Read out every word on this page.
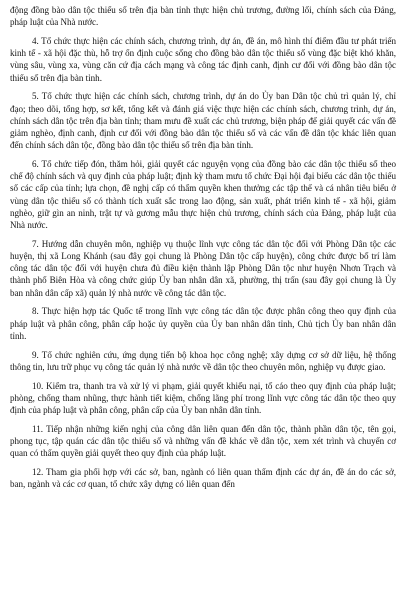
động đồng bào dân tộc thiểu số trên địa bàn tỉnh thực hiện chủ trương, đường lối, chính sách của Đảng, pháp luật của Nhà nước.

4. Tổ chức thực hiện các chính sách, chương trình, dự án, đề án, mô hình thí điểm đầu tư phát triển kinh tế - xã hội đặc thù, hỗ trợ ổn định cuộc sống cho đồng bào dân tộc thiểu số vùng đặc biệt khó khăn, vùng sâu, vùng xa, vùng căn cứ địa cách mạng và công tác định canh, định cư đối với đồng bào dân tộc thiểu số trên địa bàn tỉnh.

5. Tổ chức thực hiện các chính sách, chương trình, dự án do Ủy ban Dân tộc chủ trì quản lý, chỉ đạo; theo dõi, tổng hợp, sơ kết, tổng kết và đánh giá việc thực hiện các chính sách, chương trình, dự án, chính sách dân tộc trên địa bàn tỉnh; tham mưu đề xuất các chủ trương, biện pháp để giải quyết các vấn đề giảm nghèo, định canh, định cư đối với đồng bào dân tộc thiểu số và các vấn đề dân tộc khác liên quan đến chính sách dân tộc, đồng bào dân tộc thiểu số trên địa bàn tỉnh.

6. Tổ chức tiếp đón, thăm hỏi, giải quyết các nguyện vọng của đồng bào các dân tộc thiểu số theo chế độ chính sách và quy định của pháp luật; định kỳ tham mưu tổ chức Đại hội đại biểu các dân tộc thiểu số các cấp của tỉnh; lựa chọn, đề nghị cấp có thẩm quyền khen thưởng các tập thể và cá nhân tiêu biểu ở vùng dân tộc thiểu số có thành tích xuất sắc trong lao động, sản xuất, phát triển kinh tế - xã hội, giảm nghèo, giữ gìn an ninh, trật tự và gương mẫu thực hiện chủ trương, chính sách của Đảng, pháp luật của Nhà nước.

7. Hướng dẫn chuyên môn, nghiệp vụ thuộc lĩnh vực công tác dân tộc đối với Phòng Dân tộc các huyện, thị xã Long Khánh (sau đây gọi chung là Phòng Dân tộc cấp huyện), công chức được bố trí làm công tác dân tộc đối với huyện chưa đủ điều kiện thành lập Phòng Dân tộc như huyện Nhơn Trạch và thành phố Biên Hòa và công chức giúp Ủy ban nhân dân xã, phường, thị trấn (sau đây gọi chung là Ủy ban nhân dân cấp xã) quản lý nhà nước về công tác dân tộc.

8. Thực hiện hợp tác Quốc tế trong lĩnh vực công tác dân tộc được phân công theo quy định của pháp luật và phân công, phân cấp hoặc ủy quyền của Ủy ban nhân dân tỉnh, Chủ tịch Ủy ban nhân dân tỉnh.

9. Tổ chức nghiên cứu, ứng dụng tiến bộ khoa học công nghệ; xây dựng cơ sở dữ liệu, hệ thống thông tin, lưu trữ phục vụ công tác quản lý nhà nước về dân tộc theo chuyên môn, nghiệp vụ được giao.

10. Kiểm tra, thanh tra và xử lý vi phạm, giải quyết khiếu nại, tố cáo theo quy định của pháp luật; phòng, chống tham nhũng, thực hành tiết kiệm, chống lãng phí trong lĩnh vực công tác dân tộc theo quy định của pháp luật và phân công, phân cấp của Ủy ban nhân dân tỉnh.

11. Tiếp nhận những kiến nghị của công dân liên quan đến dân tộc, thành phần dân tộc, tên gọi, phong tục, tập quán các dân tộc thiểu số và những vấn đề khác về dân tộc, xem xét trình và chuyển cơ quan có thẩm quyền giải quyết theo quy định của pháp luật.

12. Tham gia phối hợp với các sở, ban, ngành có liên quan thẩm định các dự án, đề án do các sở, ban, ngành và các cơ quan, tổ chức xây dựng có liên quan đến
